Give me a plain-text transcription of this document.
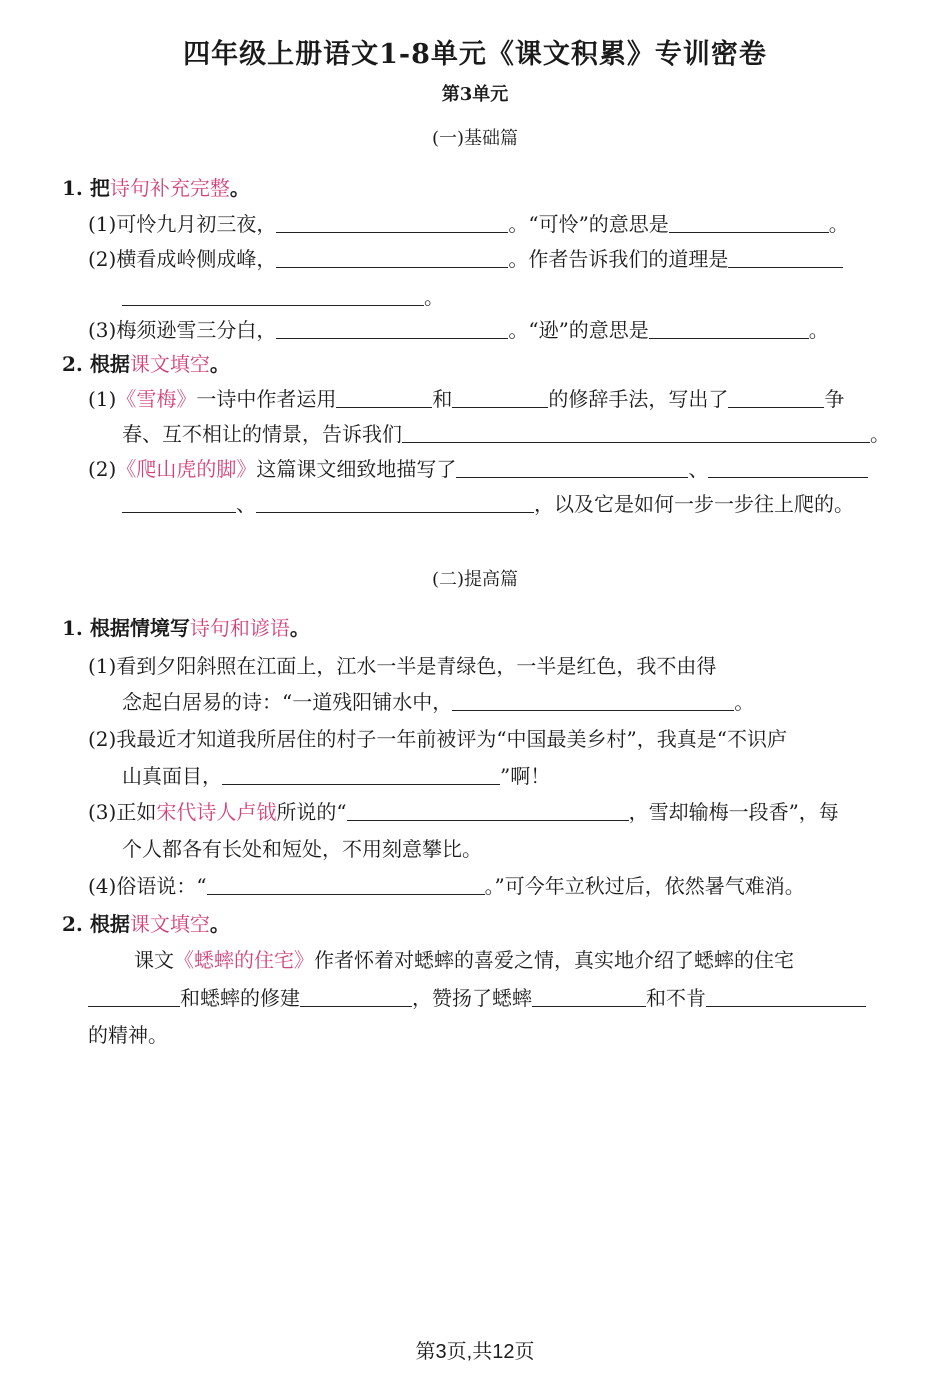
四年级上册语文1-8单元《课文积累》专训密卷
第3单元
(一)基础篇
1. 把诗句补充完整。
(1)可怜九月初三夜，	。“可怜”的意思是	。
(2)横看成岭侧成峰，	。作者告诉我们的道理是
。
(3)梅须逊雪三分白，	。“逊”的意思是	。
2. 根据课文填空。
(1)《雪梅》一诗中作者运用	和	的修辞手法，写出了	争
春、互不相让的情景，告诉我们	。
(2)《爬山虎的脚》这篇课文细致地描写了	、
、	，以及它是如何一步一步往上爬的。
(二)提高篇
1. 根据情境写诗句和谚语。
(1)看到夕阳斜照在江面上，江水一半是青绿色，一半是红色，我不由得
念起白居易的诗：“一道残阳铺水中，	。
(2)我最近才知道我所居住的村子一年前被评为“中国最美乡村”，我真是“不识庐
山真面目，	”啊！
(3)正如宋代诗人卢钺所说的“	，雪却输梅一段香”，每
个人都各有长处和短处，不用刻意攀比。
(4)俗语说：“	。”可今年立秋过后，依然暑气难消。
2. 根据课文填空。
课文《蟋蟀的住宅》作者怀着对蟋蟀的喜爱之情，真实地介绍了蟋蟀的住宅
和蟋蟀的修建	，赞扬了蟋蟀	和不肯
的精神。
第3页,共12页
